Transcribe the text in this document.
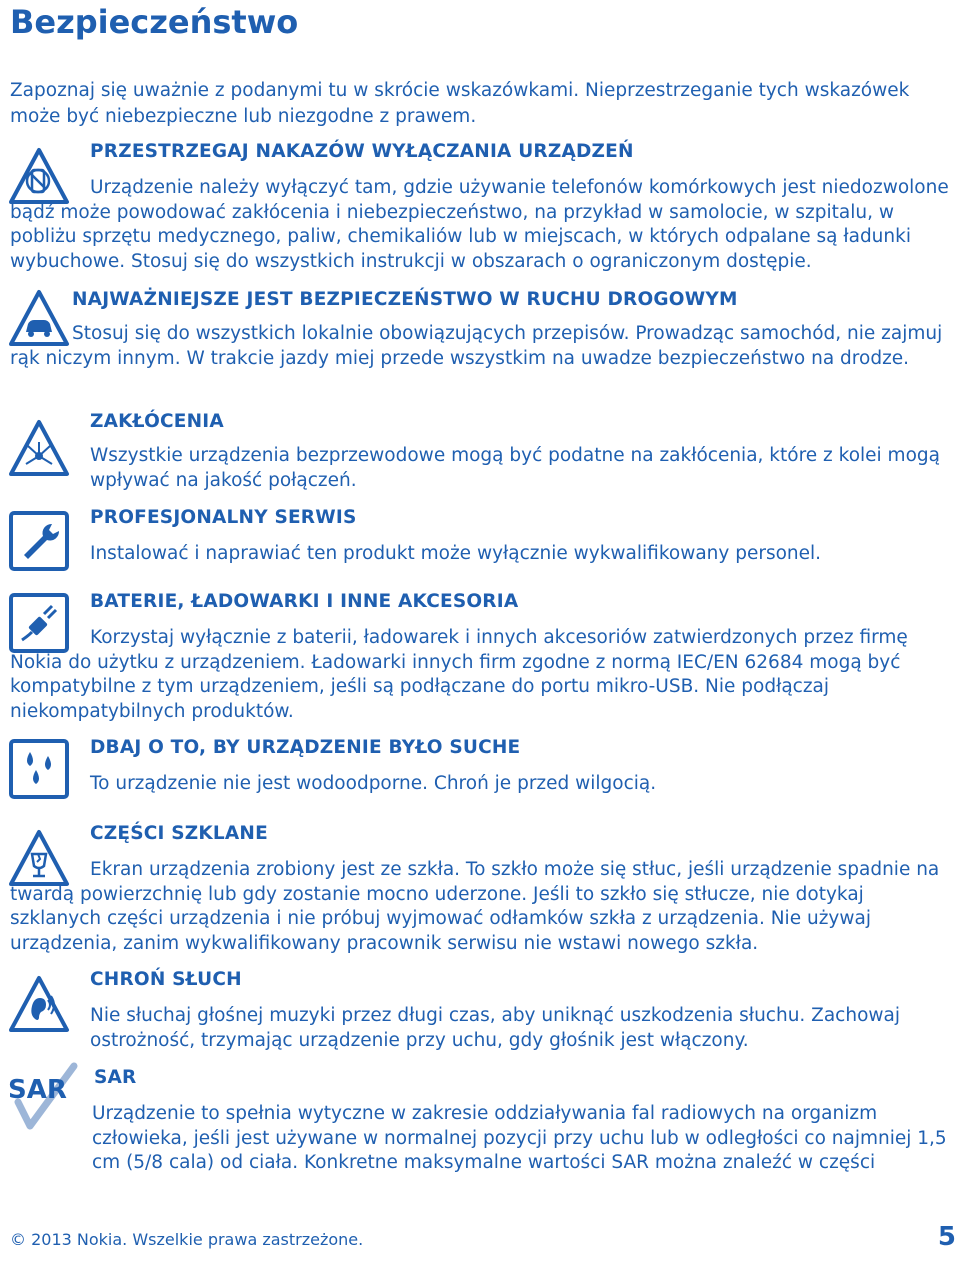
Bezpieczeństwo
Zapoznaj się uważnie z podanymi tu w skrócie wskazówkami. Nieprzestrzeganie tych wskazówek może być niebezpieczne lub niezgodne z prawem.
PRZESTRZEGAJ NAKAZÓW WYŁĄCZANIA URZĄDZEŃ
Urządzenie należy wyłączyć tam, gdzie używanie telefonów komórkowych jest niedozwolone bądź może powodować zakłócenia i niebezpieczeństwo, na przykład w samolocie, w szpitalu, w pobliżu sprzętu medycznego, paliw, chemikaliów lub w miejscach, w których odpalane są ładunki wybuchowe. Stosuj się do wszystkich instrukcji w obszarach o ograniczonym dostępie.
NAJWAŻNIEJSZE JEST BEZPIECZEŃSTWO W RUCHU DROGOWYM
Stosuj się do wszystkich lokalnie obowiązujących przepisów. Prowadząc samochód, nie zajmuj rąk niczym innym. W trakcie jazdy miej przede wszystkim na uwadze bezpieczeństwo na drodze.
ZAKŁÓCENIA
Wszystkie urządzenia bezprzewodowe mogą być podatne na zakłócenia, które z kolei mogą wpływać na jakość połączeń.
PROFESJONALNY SERWIS
Instalować i naprawiać ten produkt może wyłącznie wykwalifikowany personel.
BATERIE, ŁADOWARKI I INNE AKCESORIA
Korzystaj wyłącznie z baterii, ładowarek i innych akcesoriów zatwierdzonych przez firmę Nokia do użytku z urządzeniem. Ładowarki innych firm zgodne z normą IEC/EN 62684 mogą być kompatybilne z tym urządzeniem, jeśli są podłączane do portu mikro-USB. Nie podłączaj niekompatybilnych produktów.
DBAJ O TO, BY URZĄDZENIE BYŁO SUCHE
To urządzenie nie jest wodoodporne. Chroń je przed wilgocią.
CZĘŚCI SZKLANE
Ekran urządzenia zrobiony jest ze szkła. To szkło może się stłuc, jeśli urządzenie spadnie na twardą powierzchnię lub gdy zostanie mocno uderzone. Jeśli to szkło się stłucze, nie dotykaj szklanych części urządzenia i nie próbuj wyjmować odłamków szkła z urządzenia. Nie używaj urządzenia, zanim wykwalifikowany pracownik serwisu nie wstawi nowego szkła.
CHROŃ SŁUCH
Nie słuchaj głośnej muzyki przez długi czas, aby uniknąć uszkodzenia słuchu. Zachowaj ostrożność, trzymając urządzenie przy uchu, gdy głośnik jest włączony.
SAR SAR
Urządzenie to spełnia wytyczne w zakresie oddziaływania fal radiowych na organizm człowieka, jeśli jest używane w normalnej pozycji przy uchu lub w odległości co najmniej 1,5 cm (5/8 cala) od ciała. Konkretne maksymalne wartości SAR można znaleźć w części
© 2013 Nokia. Wszelkie prawa zastrzeżone.	5
